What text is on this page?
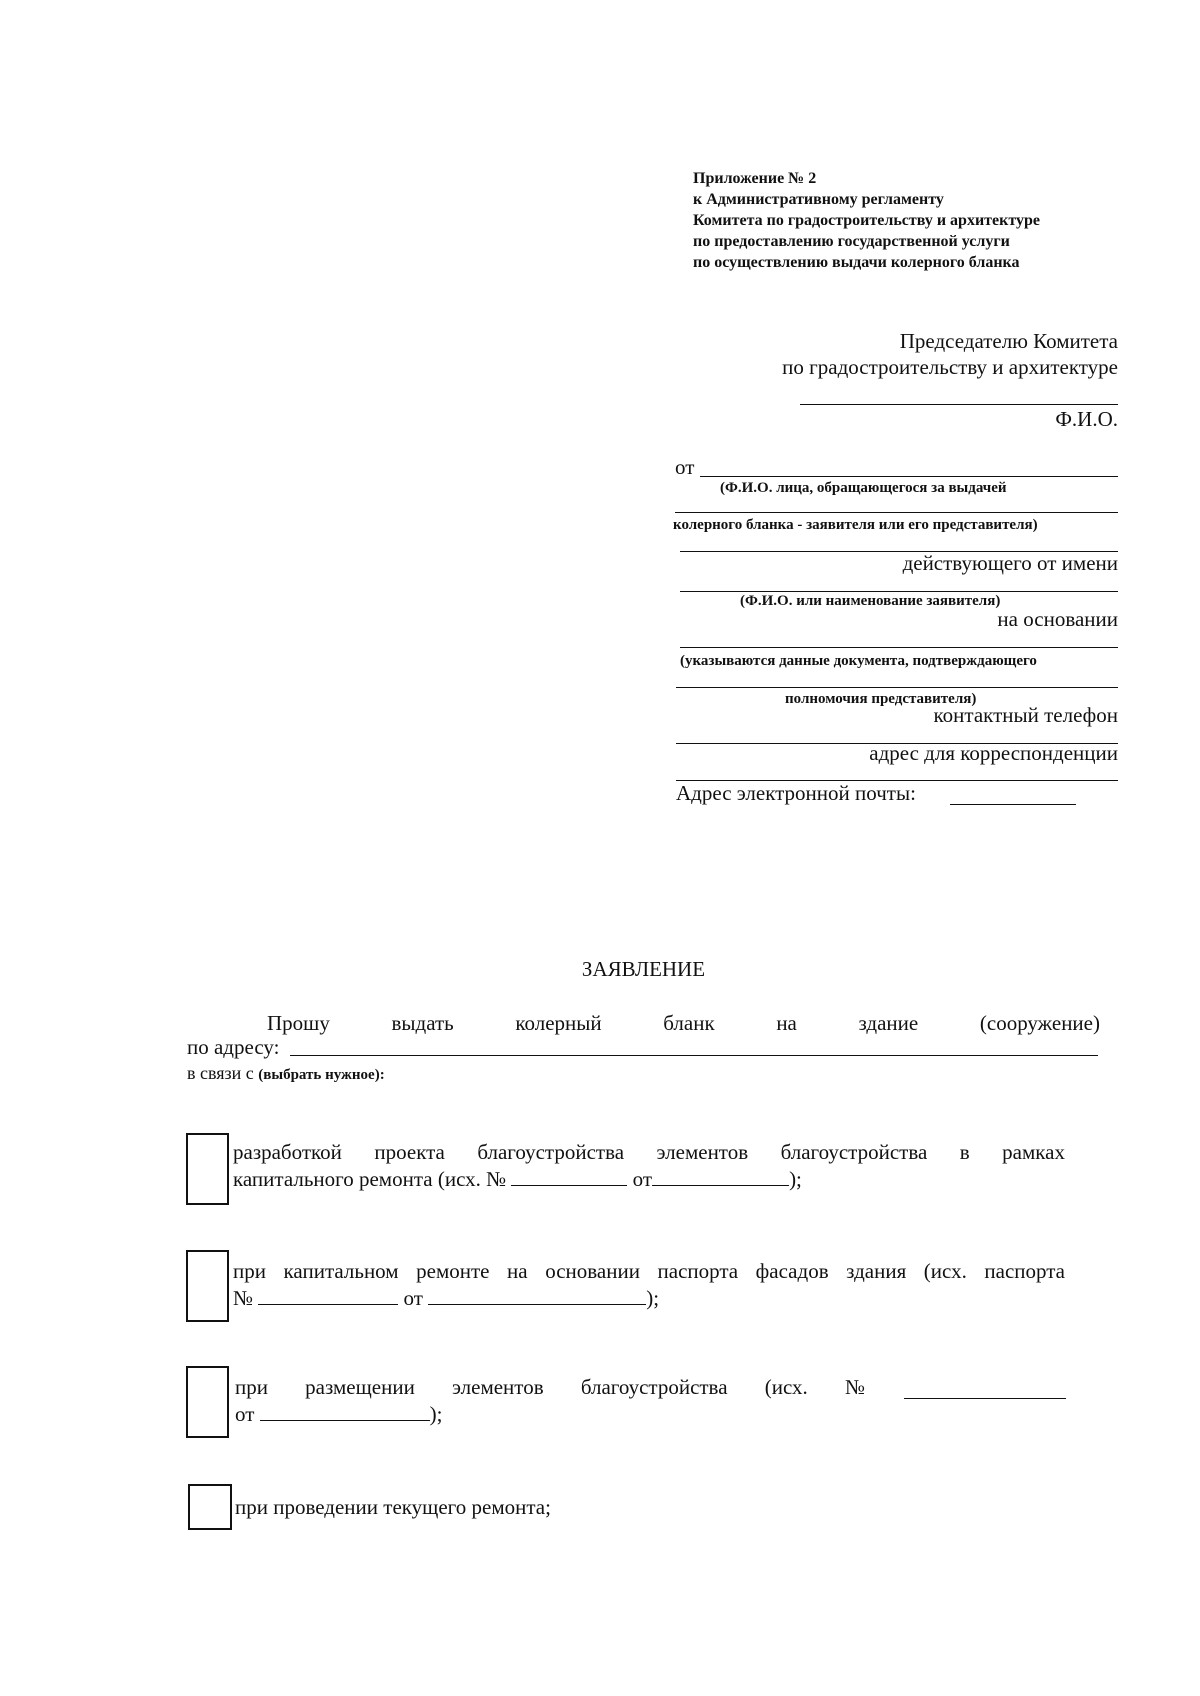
Приложение № 2
к Административному регламенту
Комитета по градостроительству и архитектуре
по предоставлению государственной услуги
по осуществлению выдачи колерного бланка
Председателю Комитета
по градостроительству и архитектуре
Ф.И.О.
от
(Ф.И.О. лица, обращающегося за выдачей
колерного бланка - заявителя или его представителя)
действующего от имени
(Ф.И.О. или наименование заявителя)
на основании
(указываются данные документа, подтверждающего
полномочия представителя)
контактный телефон
адрес для корреспонденции
Адрес электронной почты:
ЗАЯВЛЕНИЕ
Прошу	выдать	колерный	бланк	на	здание	(сооружение)
по адресу:
в связи с (выбрать нужное):
разработкой проекта благоустройства элементов благоустройства в рамках
капитального ремонта (исх. №	от	);
при капитальном ремонте на основании паспорта фасадов здания (исх. паспорта
№	от	);
при размещении элементов благоустройства (исх. №
от	);
при проведении текущего ремонта;
